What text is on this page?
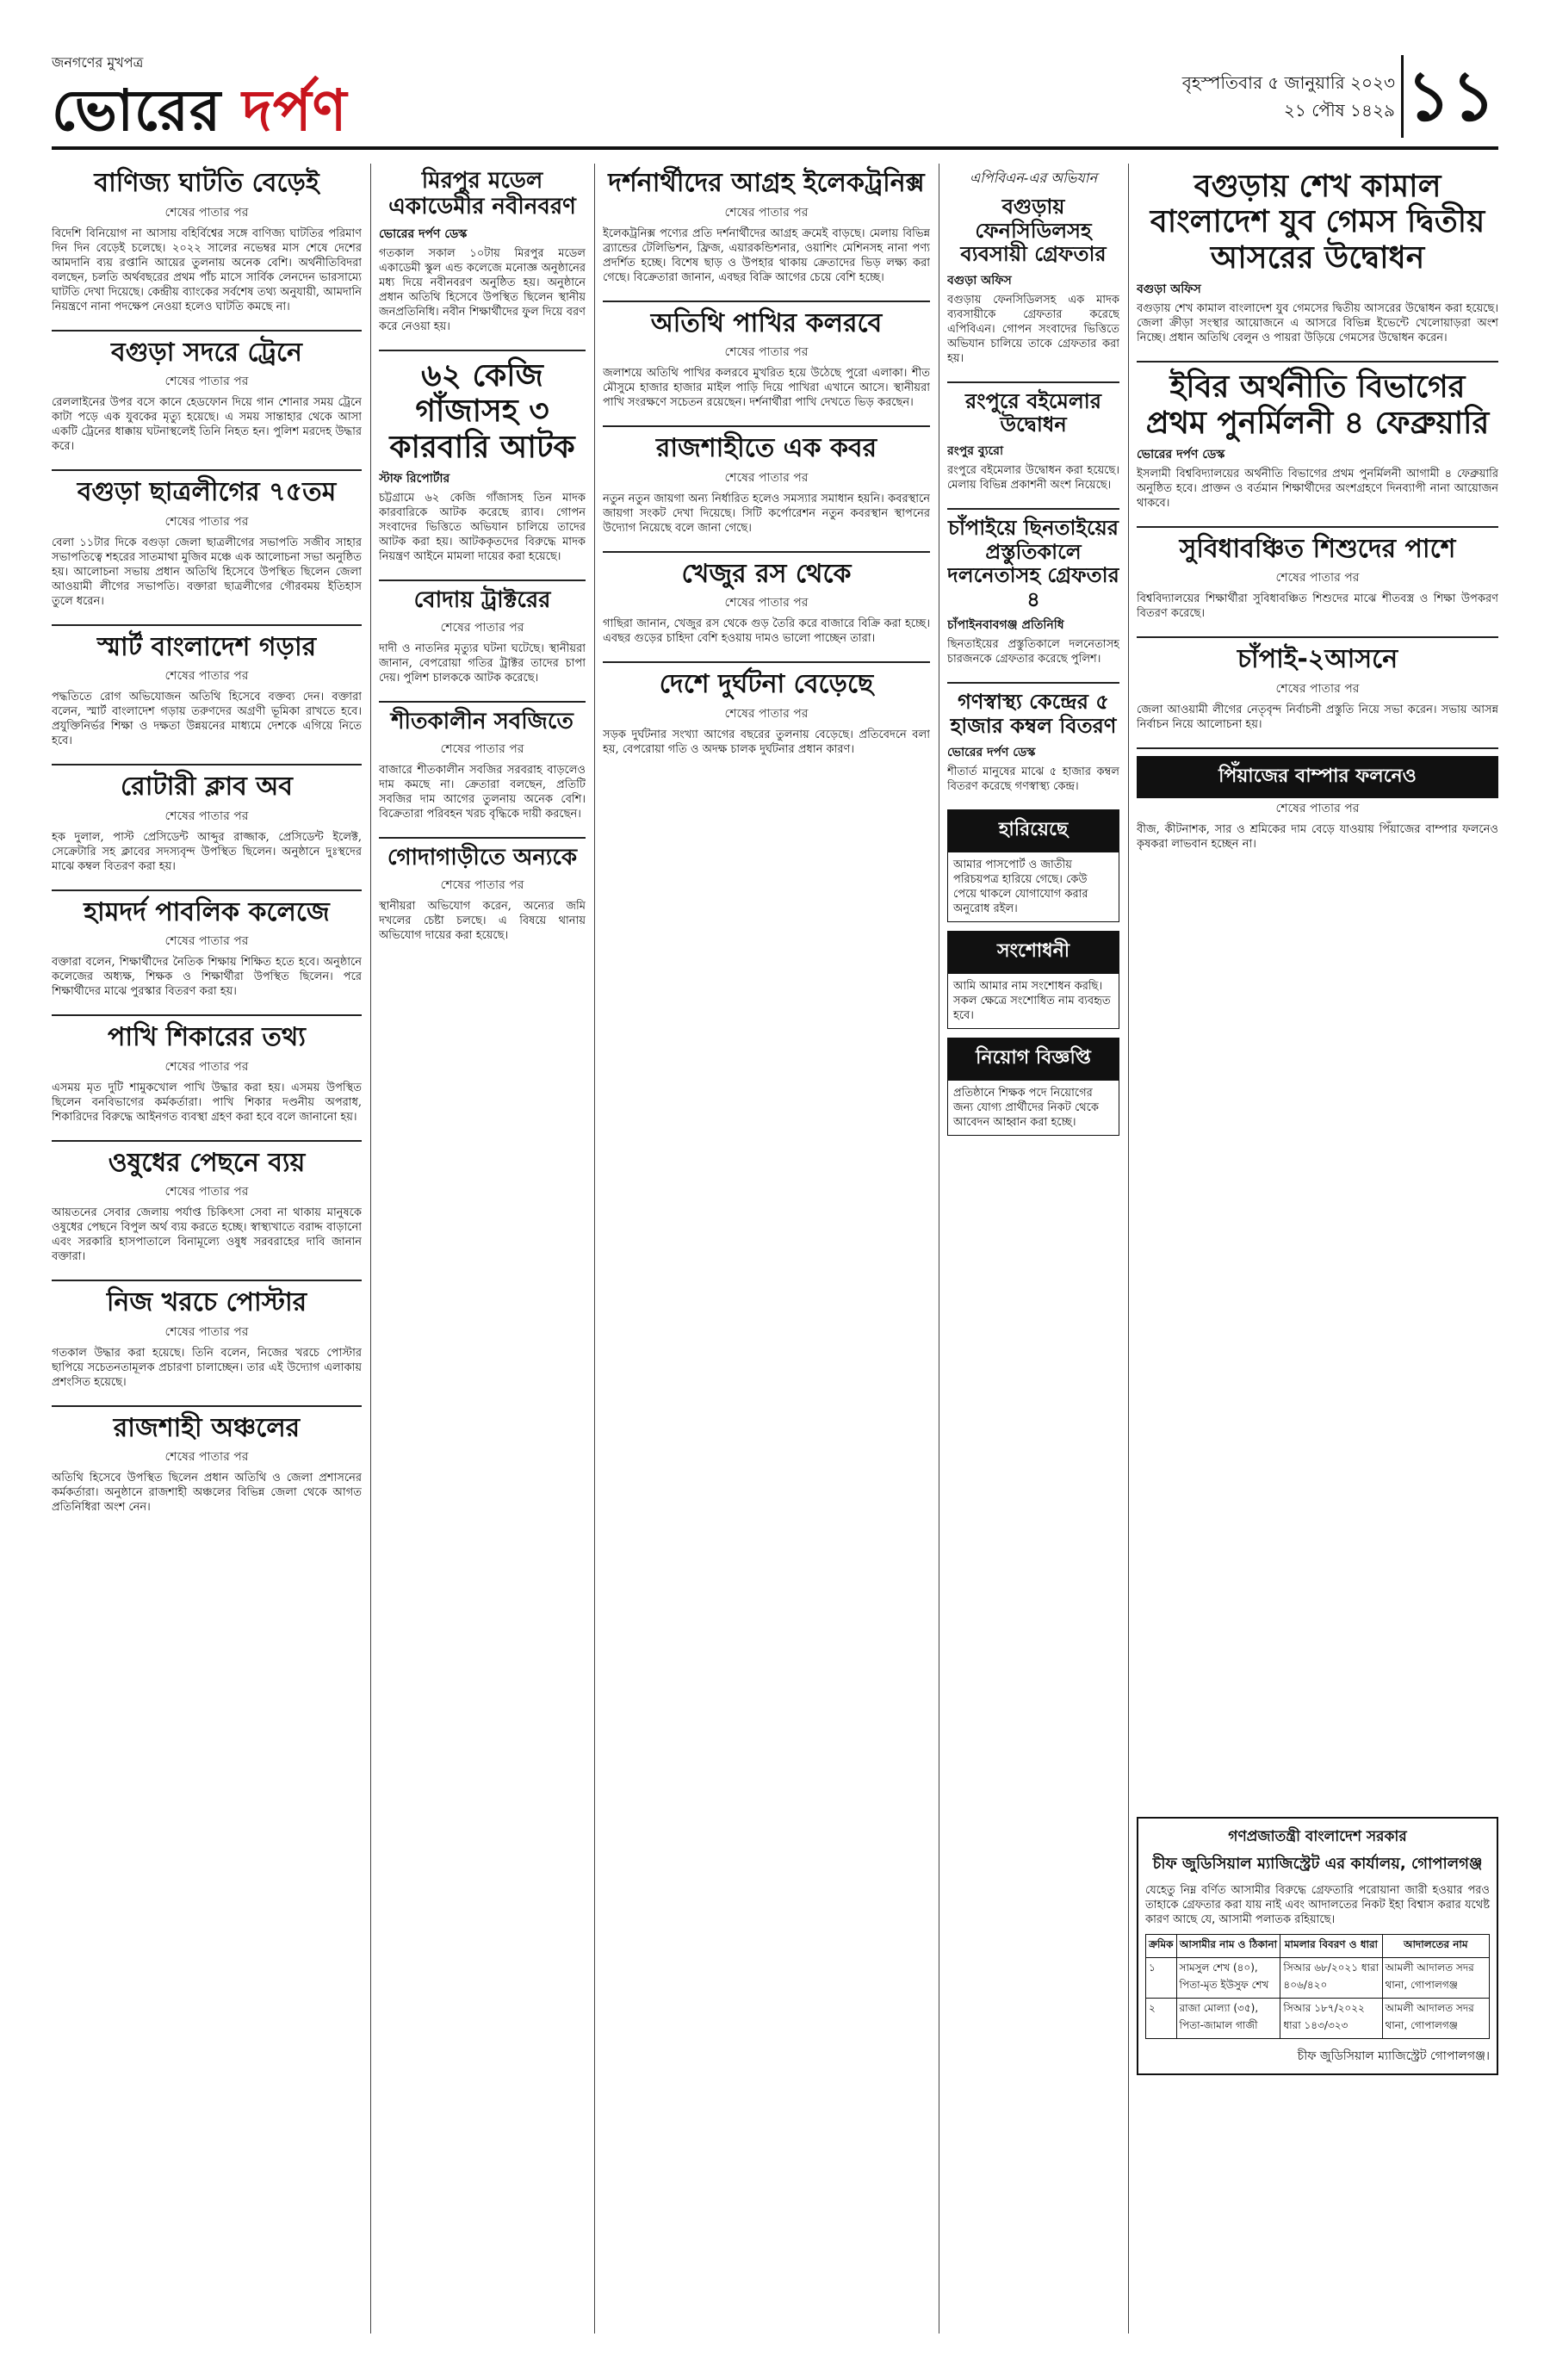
জনগণের মুখপত্র
ভোরের দর্পণ	বৃহস্পতিবার ৫ জানুয়ারি ২০২৩
২১ পৌষ ১৪২৯ ১১
বাণিজ্য ঘাটতি বেড়েই
শেষের পাতার পর
বিদেশি বিনিয়োগ না আসায় বহির্বিশ্বের সঙ্গে বাণিজ্য ঘাটতির পরিমাণ দিন দিন বেড়েই চলেছে। ২০২২ সালের নভেম্বর মাস শেষে দেশের আমদানি ব্যয় রপ্তানি আয়ের তুলনায় অনেক বেশি। অর্থনীতিবিদরা বলছেন, চলতি অর্থবছরের প্রথম পাঁচ মাসে সার্বিক লেনদেন ভারসাম্যে ঘাটতি দেখা দিয়েছে। কেন্দ্রীয় ব্যাংকের সর্বশেষ তথ্য অনুযায়ী, আমদানি নিয়ন্ত্রণে নানা পদক্ষেপ নেওয়া হলেও ঘাটতি কমছে না।
বগুড়া সদরে ট্রেনে
শেষের পাতার পর
রেললাইনের উপর বসে কানে হেডফোন দিয়ে গান শোনার সময় ট্রেনে কাটা পড়ে এক যুবকের মৃত্যু হয়েছে। এ সময় সান্তাহার থেকে আসা একটি ট্রেনের ধাক্কায় ঘটনাস্থলেই তিনি নিহত হন। পুলিশ মরদেহ উদ্ধার করে।
বগুড়া ছাত্রলীগের ৭৫তম
শেষের পাতার পর
বেলা ১১টার দিকে বগুড়া জেলা ছাত্রলীগের সভাপতি সজীব সাহার সভাপতিত্বে শহরের সাতমাথা মুজিব মঞ্চে এক আলোচনা সভা অনুষ্ঠিত হয়। আলোচনা সভায় প্রধান অতিথি হিসেবে উপস্থিত ছিলেন জেলা আওয়ামী লীগের সভাপতি। বক্তারা ছাত্রলীগের গৌরবময় ইতিহাস তুলে ধরেন।
স্মার্ট বাংলাদেশ গড়ার
শেষের পাতার পর
পদ্ধতিতে রোগ অভিযোজন অতিথি হিসেবে বক্তব্য দেন। বক্তারা বলেন, স্মার্ট বাংলাদেশ গড়ায় তরুণদের অগ্রণী ভূমিকা রাখতে হবে। প্রযুক্তিনির্ভর শিক্ষা ও দক্ষতা উন্নয়নের মাধ্যমে দেশকে এগিয়ে নিতে হবে।
রোটারী ক্লাব অব
শেষের পাতার পর
হক দুলাল, পাস্ট প্রেসিডেন্ট আব্দুর রাজ্জাক, প্রেসিডেন্ট ইলেক্ট, সেক্রেটারি সহ ক্লাবের সদস্যবৃন্দ উপস্থিত ছিলেন। অনুষ্ঠানে দুঃস্থদের মাঝে কম্বল বিতরণ করা হয়।
হামদর্দ পাবলিক কলেজে
শেষের পাতার পর
বক্তারা বলেন, শিক্ষার্থীদের নৈতিক শিক্ষায় শিক্ষিত হতে হবে। অনুষ্ঠানে কলেজের অধ্যক্ষ, শিক্ষক ও শিক্ষার্থীরা উপস্থিত ছিলেন। পরে শিক্ষার্থীদের মাঝে পুরস্কার বিতরণ করা হয়।
পাখি শিকারের তথ্য
শেষের পাতার পর
এসময় মৃত দুটি শামুকখোল পাখি উদ্ধার করা হয়। এসময় উপস্থিত ছিলেন বনবিভাগের কর্মকর্তারা। পাখি শিকার দণ্ডনীয় অপরাধ, শিকারিদের বিরুদ্ধে আইনগত ব্যবস্থা গ্রহণ করা হবে বলে জানানো হয়।
ওষুধের পেছনে ব্যয়
শেষের পাতার পর
আয়তনের সেবার জেলায় পর্যাপ্ত চিকিৎসা সেবা না থাকায় মানুষকে ওষুধের পেছনে বিপুল অর্থ ব্যয় করতে হচ্ছে। স্বাস্থ্যখাতে বরাদ্দ বাড়ানো এবং সরকারি হাসপাতালে বিনামূল্যে ওষুধ সরবরাহের দাবি জানান বক্তারা।
নিজ খরচে পোস্টার
শেষের পাতার পর
গতকাল উদ্ধার করা হয়েছে। তিনি বলেন, নিজের খরচে পোস্টার ছাপিয়ে সচেতনতামূলক প্রচারণা চালাচ্ছেন। তার এই উদ্যোগ এলাকায় প্রশংসিত হয়েছে।
রাজশাহী অঞ্চলের
শেষের পাতার পর
অতিথি হিসেবে উপস্থিত ছিলেন প্রধান অতিথি ও জেলা প্রশাসনের কর্মকর্তারা। অনুষ্ঠানে রাজশাহী অঞ্চলের বিভিন্ন জেলা থেকে আগত প্রতিনিধিরা অংশ নেন।
মিরপুর মডেল একাডেমীর নবীনবরণ
ভোরের দর্পণ ডেস্ক
গতকাল সকাল ১০টায় মিরপুর মডেল একাডেমী স্কুল এন্ড কলেজে মনোজ্ঞ অনুষ্ঠানের মধ্য দিয়ে নবীনবরণ অনুষ্ঠিত হয়। অনুষ্ঠানে প্রধান অতিথি হিসেবে উপস্থিত ছিলেন স্থানীয় জনপ্রতিনিধি। নবীন শিক্ষার্থীদের ফুল দিয়ে বরণ করে নেওয়া হয়।
৬২ কেজি গাঁজাসহ ৩ কারবারি আটক
স্টাফ রিপোর্টার
চট্টগ্রামে ৬২ কেজি গাঁজাসহ তিন মাদক কারবারিকে আটক করেছে র‌্যাব। গোপন সংবাদের ভিত্তিতে অভিযান চালিয়ে তাদের আটক করা হয়। আটককৃতদের বিরুদ্ধে মাদক নিয়ন্ত্রণ আইনে মামলা দায়ের করা হয়েছে।
বোদায় ট্রাক্টরের
শেষের পাতার পর
দাদী ও নাতনির মৃত্যুর ঘটনা ঘটেছে। স্থানীয়রা জানান, বেপরোয়া গতির ট্রাক্টর তাদের চাপা দেয়। পুলিশ চালককে আটক করেছে।
শীতকালীন সবজিতে
শেষের পাতার পর
বাজারে শীতকালীন সবজির সরবরাহ বাড়লেও দাম কমছে না। ক্রেতারা বলছেন, প্রতিটি সবজির দাম আগের তুলনায় অনেক বেশি। বিক্রেতারা পরিবহন খরচ বৃদ্ধিকে দায়ী করছেন।
গোদাগাড়ীতে অন্যকে
শেষের পাতার পর
স্থানীয়রা অভিযোগ করেন, অন্যের জমি দখলের চেষ্টা চলছে। এ বিষয়ে থানায় অভিযোগ দায়ের করা হয়েছে।
দর্শনার্থীদের আগ্রহ ইলেকট্রনিক্স
শেষের পাতার পর
ইলেকট্রনিক্স পণ্যের প্রতি দর্শনার্থীদের আগ্রহ ক্রমেই বাড়ছে। মেলায় বিভিন্ন ব্র্যান্ডের টেলিভিশন, ফ্রিজ, এয়ারকন্ডিশনার, ওয়াশিং মেশিনসহ নানা পণ্য প্রদর্শিত হচ্ছে। বিশেষ ছাড় ও উপহার থাকায় ক্রেতাদের ভিড় লক্ষ্য করা গেছে। বিক্রেতারা জানান, এবছর বিক্রি আগের চেয়ে বেশি হচ্ছে।
অতিথি পাখির কলরবে
শেষের পাতার পর
জলাশয়ে অতিথি পাখির কলরবে মুখরিত হয়ে উঠেছে পুরো এলাকা। শীত মৌসুমে হাজার হাজার মাইল পাড়ি দিয়ে পাখিরা এখানে আসে। স্থানীয়রা পাখি সংরক্ষণে সচেতন রয়েছেন। দর্শনার্থীরা পাখি দেখতে ভিড় করছেন।
রাজশাহীতে এক কবর
শেষের পাতার পর
নতুন নতুন জায়গা অন্য নির্ধারিত হলেও সমস্যার সমাধান হয়নি। কবরস্থানে জায়গা সংকট দেখা দিয়েছে। সিটি কর্পোরেশন নতুন কবরস্থান স্থাপনের উদ্যোগ নিয়েছে বলে জানা গেছে।
খেজুর রস থেকে
শেষের পাতার পর
গাছিরা জানান, খেজুর রস থেকে গুড় তৈরি করে বাজারে বিক্রি করা হচ্ছে। এবছর গুড়ের চাহিদা বেশি হওয়ায় দামও ভালো পাচ্ছেন তারা।
দেশে দুর্ঘটনা বেড়েছে
শেষের পাতার পর
সড়ক দুর্ঘটনার সংখ্যা আগের বছরের তুলনায় বেড়েছে। প্রতিবেদনে বলা হয়, বেপরোয়া গতি ও অদক্ষ চালক দুর্ঘটনার প্রধান কারণ।
এপিবিএন-এর অভিযান
বগুড়ায় ফেনসিডিলসহ ব্যবসায়ী গ্রেফতার
বগুড়া অফিস
বগুড়ায় ফেনসিডিলসহ এক মাদক ব্যবসায়ীকে গ্রেফতার করেছে এপিবিএন। গোপন সংবাদের ভিত্তিতে অভিযান চালিয়ে তাকে গ্রেফতার করা হয়।
রংপুরে বইমেলার উদ্বোধন
রংপুর ব্যুরো
রংপুরে বইমেলার উদ্বোধন করা হয়েছে। মেলায় বিভিন্ন প্রকাশনী অংশ নিয়েছে।
চাঁপাইয়ে ছিনতাইয়ের প্রস্তুতিকালে দলনেতাসহ গ্রেফতার ৪
চাঁপাইনবাবগঞ্জ প্রতিনিধি
ছিনতাইয়ের প্রস্তুতিকালে দলনেতাসহ চারজনকে গ্রেফতার করেছে পুলিশ।
গণস্বাস্থ্য কেন্দ্রের ৫ হাজার কম্বল বিতরণ
ভোরের দর্পণ ডেস্ক
শীতার্ত মানুষের মাঝে ৫ হাজার কম্বল বিতরণ করেছে গণস্বাস্থ্য কেন্দ্র।
হারিয়েছে
আমার পাসপোর্ট ও জাতীয় পরিচয়পত্র হারিয়ে গেছে। কেউ পেয়ে থাকলে যোগাযোগ করার অনুরোধ রইল।
সংশোধনী
আমি আমার নাম সংশোধন করছি। সকল ক্ষেত্রে সংশোধিত নাম ব্যবহৃত হবে।
নিয়োগ বিজ্ঞপ্তি
প্রতিষ্ঠানে শিক্ষক পদে নিয়োগের জন্য যোগ্য প্রার্থীদের নিকট থেকে আবেদন আহ্বান করা হচ্ছে।
বগুড়ায় শেখ কামাল বাংলাদেশ যুব গেমস দ্বিতীয় আসরের উদ্বোধন
বগুড়া অফিস
বগুড়ায় শেখ কামাল বাংলাদেশ যুব গেমসের দ্বিতীয় আসরের উদ্বোধন করা হয়েছে। জেলা ক্রীড়া সংস্থার আয়োজনে এ আসরে বিভিন্ন ইভেন্টে খেলোয়াড়রা অংশ নিচ্ছে। প্রধান অতিথি বেলুন ও পায়রা উড়িয়ে গেমসের উদ্বোধন করেন।
ইবির অর্থনীতি বিভাগের প্রথম পুনর্মিলনী ৪ ফেব্রুয়ারি
ভোরের দর্পণ ডেস্ক
ইসলামী বিশ্ববিদ্যালয়ের অর্থনীতি বিভাগের প্রথম পুনর্মিলনী আগামী ৪ ফেব্রুয়ারি অনুষ্ঠিত হবে। প্রাক্তন ও বর্তমান শিক্ষার্থীদের অংশগ্রহণে দিনব্যাপী নানা আয়োজন থাকবে।
সুবিধাবঞ্চিত শিশুদের পাশে
শেষের পাতার পর
বিশ্ববিদ্যালয়ের শিক্ষার্থীরা সুবিধাবঞ্চিত শিশুদের মাঝে শীতবস্ত্র ও শিক্ষা উপকরণ বিতরণ করেছে।
চাঁপাই-২আসনে
শেষের পাতার পর
জেলা আওয়ামী লীগের নেতৃবৃন্দ নির্বাচনী প্রস্তুতি নিয়ে সভা করেন। সভায় আসন্ন নির্বাচন নিয়ে আলোচনা হয়।
পিঁয়াজের বাম্পার ফলনেও
শেষের পাতার পর
বীজ, কীটনাশক, সার ও শ্রমিকের দাম বেড়ে যাওয়ায় পিঁয়াজের বাম্পার ফলনেও কৃষকরা লাভবান হচ্ছেন না।
গণপ্রজাতন্ত্রী বাংলাদেশ সরকার
চীফ জুডিসিয়াল ম্যাজিস্ট্রেট এর কার্যালয়, গোপালগঞ্জ
যেহেতু নিম্ন বর্ণিত আসামীর বিরুদ্ধে গ্রেফতারি পরোয়ানা জারী হওয়ার পরও তাহাকে গ্রেফতার করা যায় নাই এবং আদালতের নিকট ইহা বিশ্বাস করার যথেষ্ট কারণ আছে যে, আসামী পলাতক রহিয়াছে।
ক্রমিক	আসামীর নাম ও ঠিকানা	মামলার বিবরণ ও ধারা	আদালতের নাম
১	সামসুল শেখ (৪০), পিতা-মৃত ইউসুফ শেখ	সিআর ৬৮/২০২১ ধারা ৪০৬/৪২০	আমলী আদালত সদর থানা, গোপালগঞ্জ
২	রাজা মোল্যা (৩৫), পিতা-জামাল গাজী	সিআর ১৮৭/২০২২ ধারা ১৪৩/৩২৩	আমলী আদালত সদর থানা, গোপালগঞ্জ
চীফ জুডিসিয়াল ম্যাজিস্ট্রেট গোপালগঞ্জ।
